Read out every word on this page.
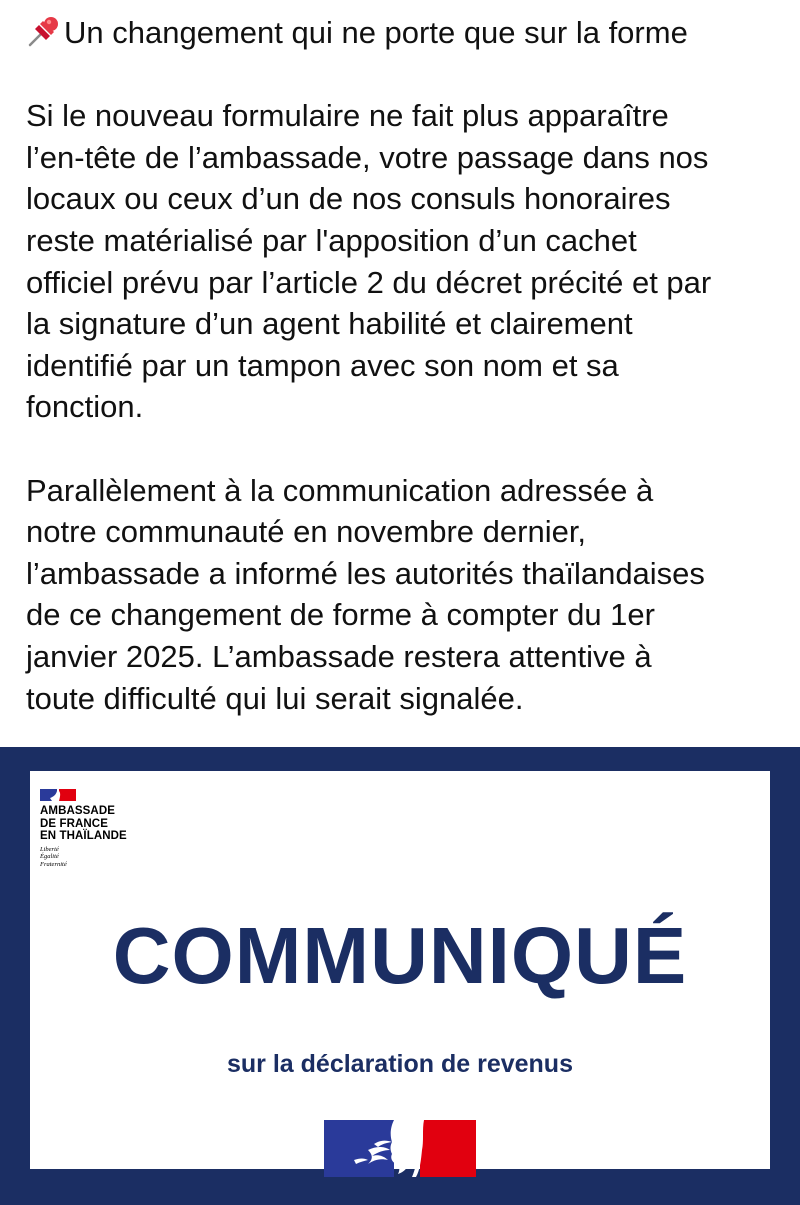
Un changement qui ne porte que sur la forme
Si le nouveau formulaire ne fait plus apparaître
l’en-tête de l’ambassade, votre passage dans nos
locaux ou ceux d’un de nos consuls honoraires
reste matérialisé par l'apposition d’un cachet
officiel prévu par l’article 2 du décret précité et par
la signature d’un agent habilité et clairement
identifié par un tampon avec son nom et sa
fonction.
Parallèlement à la communication adressée à
notre communauté en novembre dernier,
l’ambassade a informé les autorités thaïlandaises
de ce changement de forme à compter du 1er
janvier 2025. L’ambassade restera attentive à
toute difficulté qui lui serait signalée.
AMBASSADE
DE FRANCE
EN THAÏLANDE
Liberté
Égalité
Fraternité
COMMUNIQUÉ
sur la déclaration de revenus
